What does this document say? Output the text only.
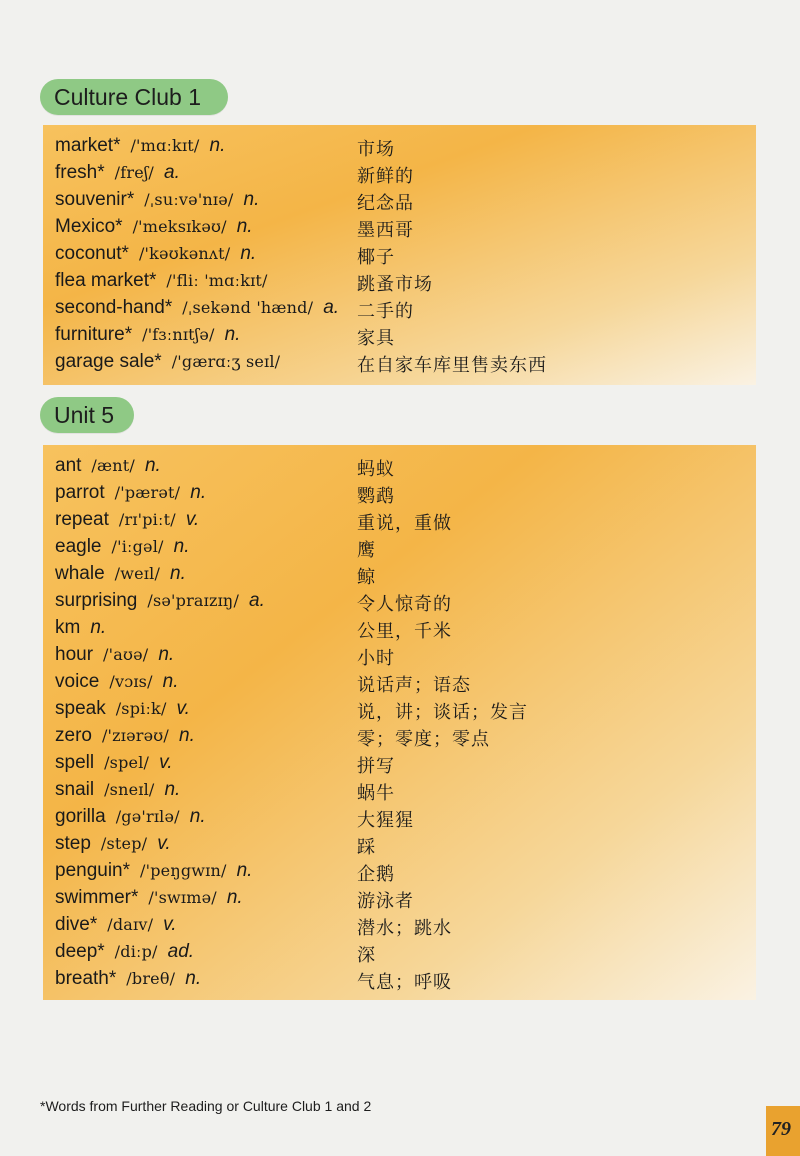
Culture Club 1
market* /'mɑːkɪt/ n.	市场
fresh* /freʃ/ a.	新鲜的
souvenir* /ˌsuːvə'nɪə/ n.	纪念品
Mexico* /'meksɪkəʊ/ n.	墨西哥
coconut* /'kəʊkənʌt/ n.	椰子
flea market* /'fliː 'mɑːkɪt/	跳蚤市场
second-hand* /ˌsekənd 'hænd/ a. 二手的
furniture* /'fɜːnɪtʃə/ n.	家具
garage sale* /'gærɑːʒ seɪl/	在自家车库里售卖东西
Unit 5
ant /ænt/ n.	蚂蚁
parrot /'pærət/ n.	鹦鹉
repeat /rɪ'piːt/ v.	重说，重做
eagle /'iːgəl/ n.	鹰
whale /weɪl/ n.	鲸
surprising /sə'praɪzɪŋ/ a.	令人惊奇的
km n.	公里，千米
hour /'aʊə/ n.	小时
voice /vɔɪs/ n.	说话声；语态
speak /spiːk/ v.	说，讲；谈话；发言
zero /'zɪərəʊ/ n.	零；零度；零点
spell /spel/ v.	拼写
snail /sneɪl/ n.	蜗牛
gorilla /gə'rɪlə/ n.	大猩猩
step /step/ v.	踩
penguin* /'peŋgwɪn/ n.	企鹅
swimmer* /'swɪmə/ n.	游泳者
dive* /daɪv/ v.	潜水；跳水
deep* /diːp/ ad.	深
breath* /breθ/ n.	气息；呼吸
*Words from Further Reading or Culture Club 1 and 2
79
